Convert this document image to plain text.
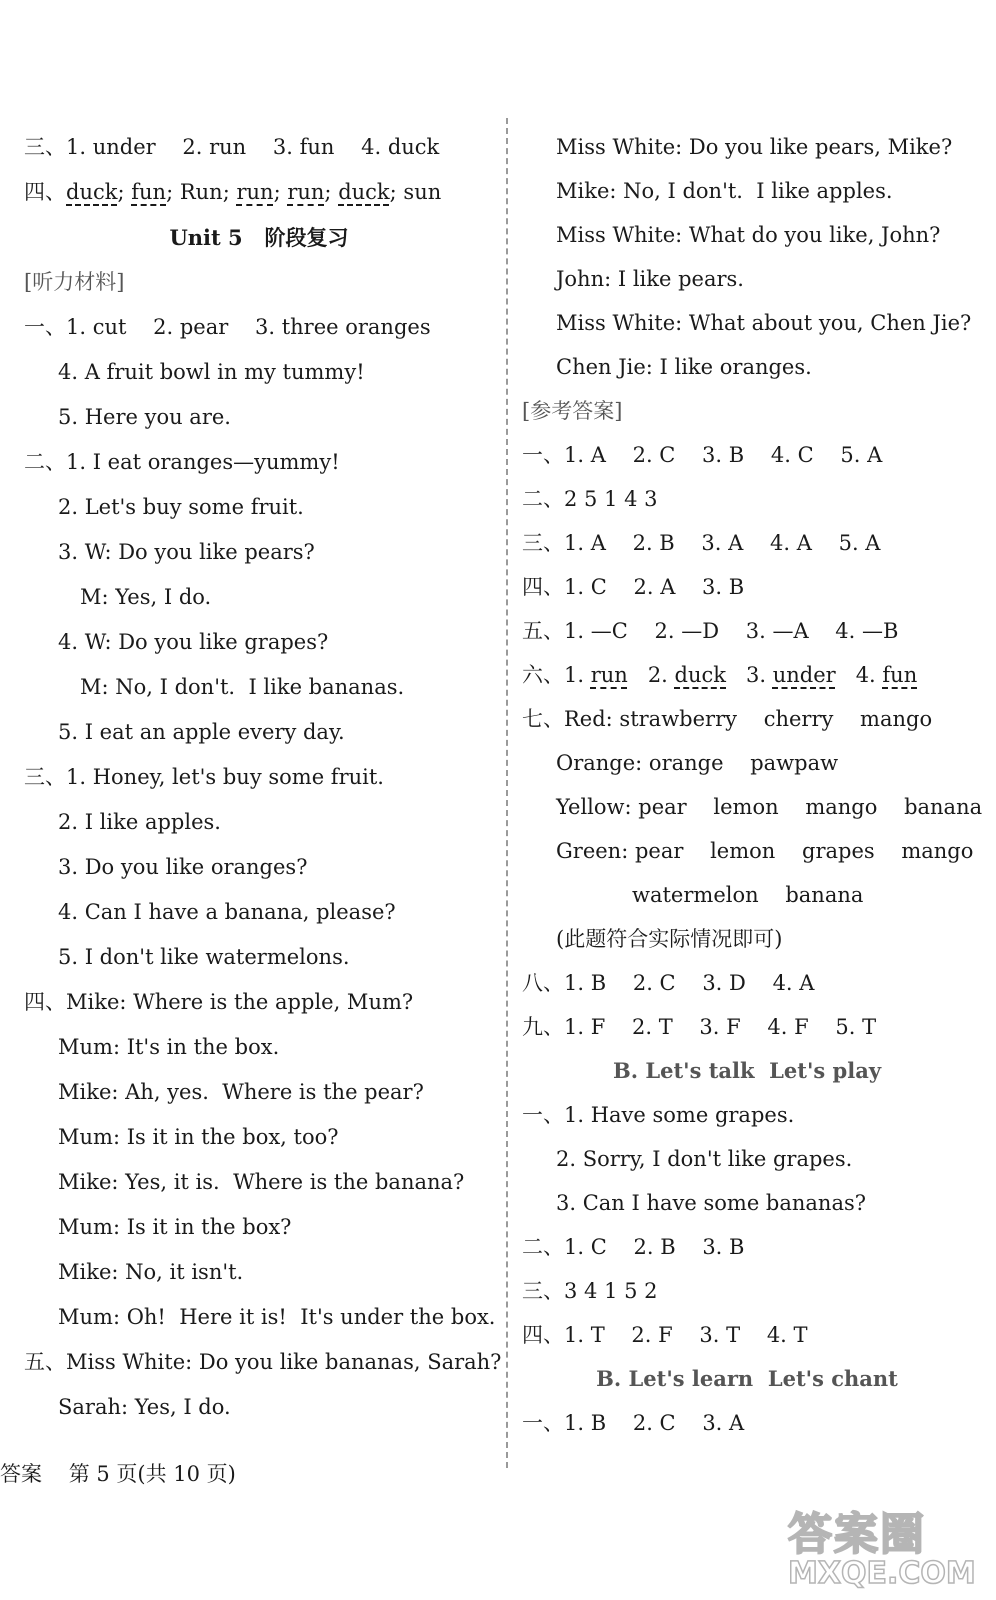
三、1. under    2. run    3. fun    4. duck
四、duck; fun; Run; run; run; duck; sun
Unit 5   阶段复习
[听力材料]
一、1. cut    2. pear    3. three oranges
4. A fruit bowl in my tummy!
5. Here you are.
二、1. I eat oranges—yummy!
2. Let's buy some fruit.
3. W: Do you like pears?
M: Yes, I do.
4. W: Do you like grapes?
M: No, I don't.  I like bananas.
5. I eat an apple every day.
三、1. Honey, let's buy some fruit.
2. I like apples.
3. Do you like oranges?
4. Can I have a banana, please?
5. I don't like watermelons.
四、Mike: Where is the apple, Mum?
Mum: It's in the box.
Mike: Ah, yes.  Where is the pear?
Mum: Is it in the box, too?
Mike: Yes, it is.  Where is the banana?
Mum: Is it in the box?
Mike: No, it isn't.
Mum: Oh!  Here it is!  It's under the box.
五、Miss White: Do you like bananas, Sarah?
Sarah: Yes, I do.
Miss White: Do you like pears, Mike?
Mike: No, I don't.  I like apples.
Miss White: What do you like, John?
John: I like pears.
Miss White: What about you, Chen Jie?
Chen Jie: I like oranges.
[参考答案]
一、1. A    2. C    3. B    4. C    5. A
二、2 5 1 4 3
三、1. A    2. B    3. A    4. A    5. A
四、1. C    2. A    3. B
五、1. —C    2. —D    3. —A    4. —B
六、1. run 2. duck 3. under 4. fun
七、Red: strawberry    cherry    mango
Orange: orange    pawpaw
Yellow: pear    lemon    mango    banana
Green: pear    lemon    grapes    mango
watermelon    banana
(此题符合实际情况即可)
八、1. B    2. C    3. D    4. A
九、1. F    2. T    3. F    4. F    5. T
B. Let's talk  Let's play
一、1. Have some grapes.
2. Sorry, I don't like grapes.
3. Can I have some bananas?
二、1. C    2. B    3. B
三、3 4 1 5 2
四、1. T    2. F    3. T    4. T
B. Let's learn  Let's chant
一、1. B    2. C    3. A
答案    第 5 页(共 10 页)
答案圈
MXQE.COM
